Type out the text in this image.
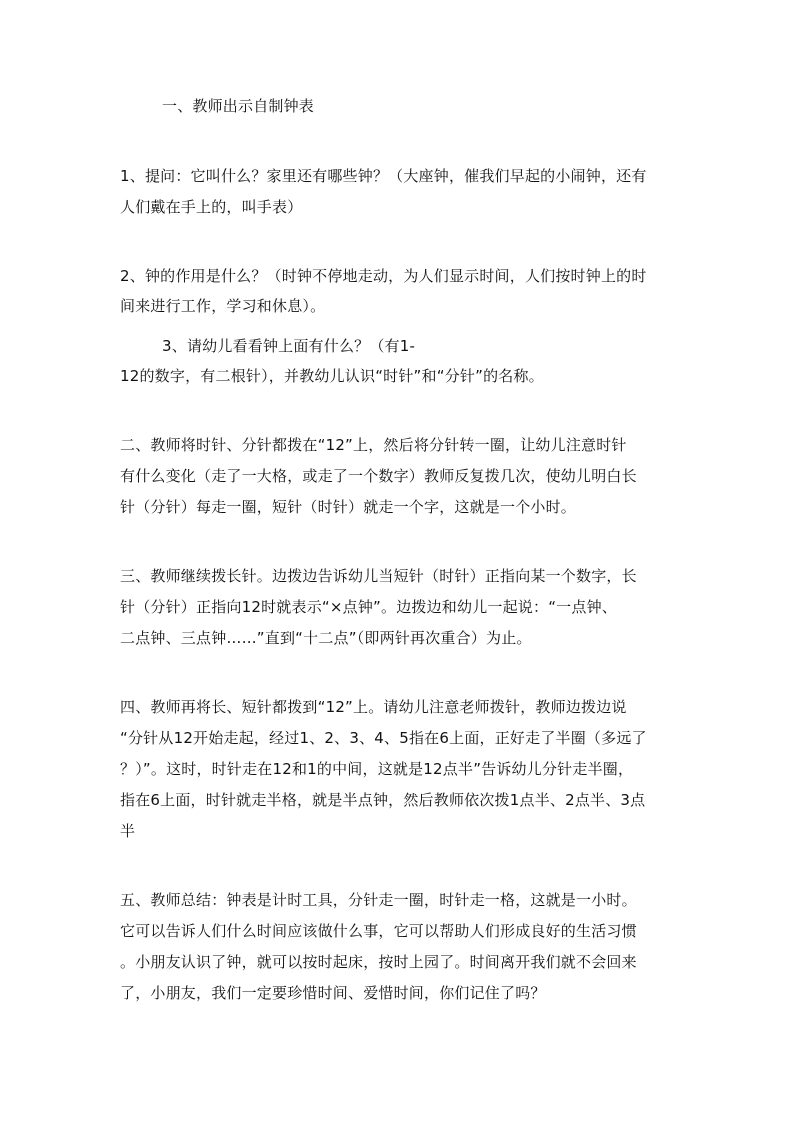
一、教师出示自制钟表
1、提问：它叫什么？家里还有哪些钟？（大座钟，催我们早起的小闹钟，还有
人们戴在手上的，叫手表）
2、钟的作用是什么？（时钟不停地走动，为人们显示时间，人们按时钟上的时
间来进行工作，学习和休息）。
3、请幼儿看看钟上面有什么？（有1-
12的数字，有二根针），并教幼儿认识“时针”和“分针”的名称。
二、教师将时针、分针都拨在“12”上，然后将分针转一圈，让幼儿注意时针
有什么变化（走了一大格，或走了一个数字）教师反复拨几次，使幼儿明白长
针（分针）每走一圈，短针（时针）就走一个字，这就是一个小时。
三、教师继续拨长针。边拨边告诉幼儿当短针（时针）正指向某一个数字，长
针（分针）正指向12时就表示“×点钟”。边拨边和幼儿一起说：“一点钟、
二点钟、三点钟……”直到“十二点”（即两针再次重合）为止。
四、教师再将长、短针都拨到“12”上。请幼儿注意老师拨针，教师边拨边说
“分针从12开始走起，经过1、2、3、4、5指在6上面，正好走了半圈（多远了
？）”。这时，时针走在12和1的中间，这就是12点半”告诉幼儿分针走半圈，
指在6上面，时针就走半格，就是半点钟，然后教师依次拨1点半、2点半、3点
半
五、教师总结：钟表是计时工具，分针走一圈，时针走一格，这就是一小时。
它可以告诉人们什么时间应该做什么事，它可以帮助人们形成良好的生活习惯
。小朋友认识了钟，就可以按时起床，按时上园了。时间离开我们就不会回来
了，小朋友，我们一定要珍惜时间、爱惜时间，你们记住了吗？
